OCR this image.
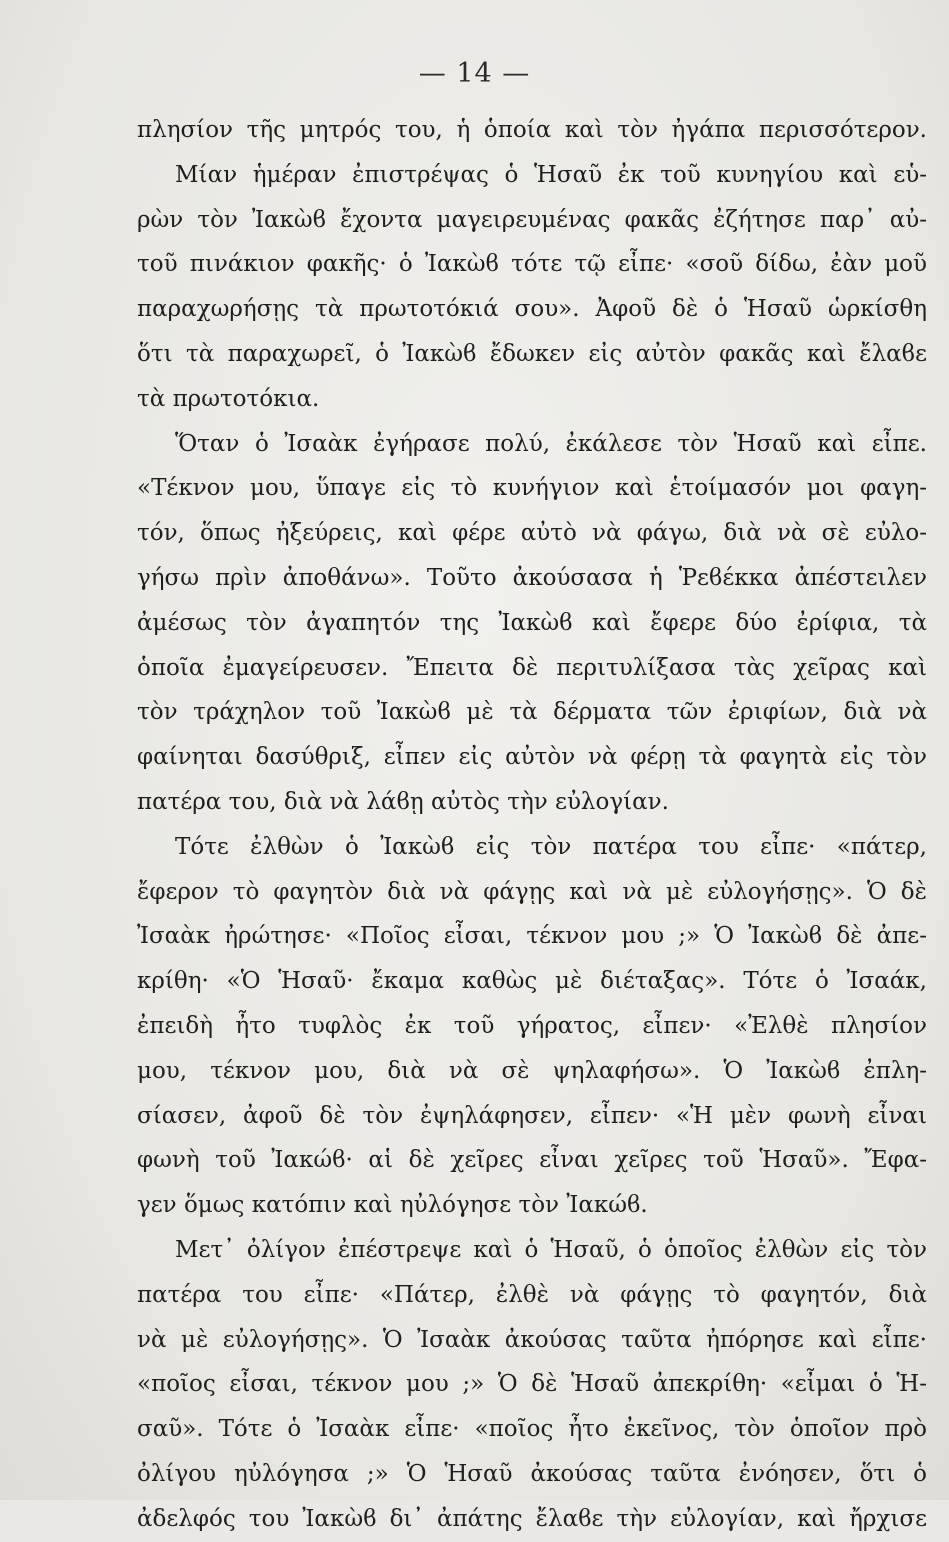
— 14 —
πλησίον τῆς μητρός του, ἡ ὁποία καὶ τὸν ἠγάπα περισσότερον.
Μίαν ἡμέραν ἐπιστρέψας ὁ Ἡσαῦ ἐκ τοῦ κυνηγίου καὶ εὑ-
ρὼν τὸν Ἰακὼϐ ἔχοντα μαγειρευμένας φακᾶς ἐζήτησε παρ᾽ αὐ-
τοῦ πινάκιον φακῆς· ὁ Ἰακὼϐ τότε τῷ εἶπε· «σοῦ δίδω, ἐὰν μοῦ
παραχωρήσῃς τὰ πρωτοτόκιά σου». Ἀφοῦ δὲ ὁ Ἡσαῦ ὡρκίσθη
ὅτι τὰ παραχωρεῖ, ὁ Ἰακὼϐ ἔδωκεν εἰς αὐτὸν φακᾶς καὶ ἔλαϐε
τὰ πρωτοτόκια.
Ὅταν ὁ Ἰσαὰκ ἐγήρασε πολύ, ἐκάλεσε τὸν Ἡσαῦ καὶ εἶπε.
«Τέκνον μου, ὕπαγε εἰς τὸ κυνήγιον καὶ ἑτοίμασόν μοι φαγη-
τόν, ὅπως ἠξεύρεις, καὶ φέρε αὐτὸ νὰ φάγω, διὰ νὰ σὲ εὐλο-
γήσω πρὶν ἀποθάνω». Τοῦτο ἀκούσασα ἡ Ῥεϐέκκα ἀπέστειλεν
ἀμέσως τὸν ἀγαπητόν της Ἰακὼϐ καὶ ἔφερε δύο ἐρίφια, τὰ
ὁποῖα ἐμαγείρευσεν. Ἔπειτα δὲ περιτυλίξασα τὰς χεῖρας καὶ
τὸν τράχηλον τοῦ Ἰακὼϐ μὲ τὰ δέρματα τῶν ἐριφίων, διὰ νὰ
φαίνηται δασύθριξ, εἶπεν εἰς αὐτὸν νὰ φέρῃ τὰ φαγητὰ εἰς τὸν
πατέρα του, διὰ νὰ λάϐῃ αὐτὸς τὴν εὐλογίαν.
Τότε ἐλθὼν ὁ Ἰακὼϐ εἰς τὸν πατέρα του εἶπε· «πάτερ,
ἔφερον τὸ φαγητὸν διὰ νὰ φάγῃς καὶ νὰ μὲ εὐλογήσῃς». Ὁ δὲ
Ἰσαὰκ ἠρώτησε· «Ποῖος εἶσαι, τέκνον μου ;» Ὁ Ἰακὼϐ δὲ ἀπε-
κρίθη· «Ὁ Ἡσαῦ· ἔκαμα καθὼς μὲ διέταξας». Τότε ὁ Ἰσαάκ,
ἐπειδὴ ἦτο τυφλὸς ἐκ τοῦ γήρατος, εἶπεν· «Ἐλθὲ πλησίον
μου, τέκνον μου, διὰ νὰ σὲ ψηλαφήσω». Ὁ Ἰακὼϐ ἐπλη-
σίασεν, ἀφοῦ δὲ τὸν ἐψηλάφησεν, εἶπεν· «Ἡ μὲν φωνὴ εἶναι
φωνὴ τοῦ Ἰακώϐ· αἱ δὲ χεῖρες εἶναι χεῖρες τοῦ Ἡσαῦ». Ἔφα-
γεν ὅμως κατόπιν καὶ ηὐλόγησε τὸν Ἰακώϐ.
Μετ᾽ ὀλίγον ἐπέστρεψε καὶ ὁ Ἡσαῦ, ὁ ὁποῖος ἐλθὼν εἰς τὸν
πατέρα του εἶπε· «Πάτερ, ἐλθὲ νὰ φάγῃς τὸ φαγητόν, διὰ
νὰ μὲ εὐλογήσῃς». Ὁ Ἰσαὰκ ἀκούσας ταῦτα ἠπόρησε καὶ εἶπε·
«ποῖος εἶσαι, τέκνον μου ;» Ὁ δὲ Ἡσαῦ ἀπεκρίθη· «εἶμαι ὁ Ἡ-
σαῦ». Τότε ὁ Ἰσαὰκ εἶπε· «ποῖος ἦτο ἐκεῖνος, τὸν ὁποῖον πρὸ
ὀλίγου ηὐλόγησα ;» Ὁ Ἡσαῦ ἀκούσας ταῦτα ἐνόησεν, ὅτι ὁ
ἀδελφός του Ἰακὼϐ δι᾽ ἀπάτης ἔλαϐε τὴν εὐλογίαν, καὶ ἤρχισε
